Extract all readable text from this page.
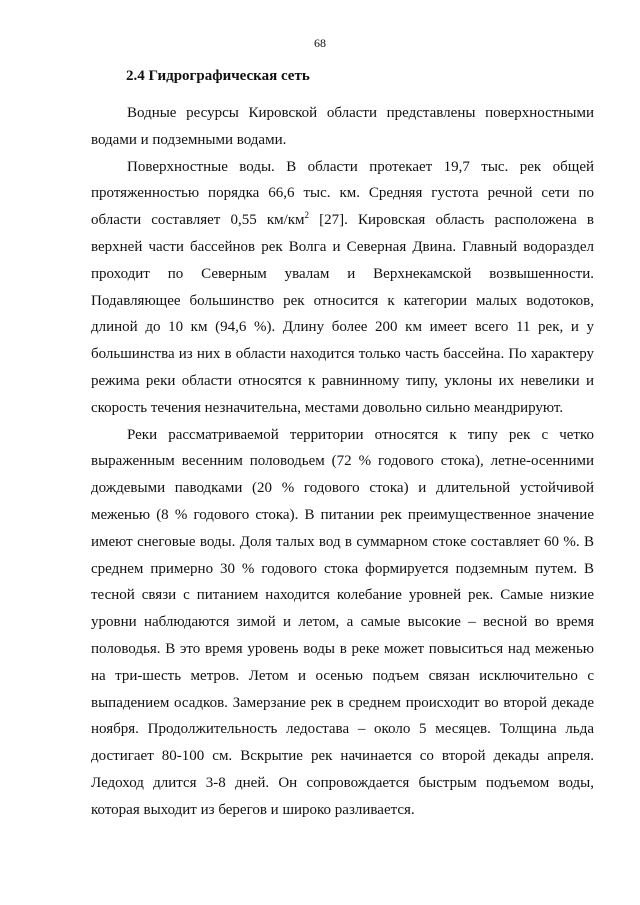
68
2.4 Гидрографическая сеть

Водные ресурсы Кировской области представлены поверхностными водами и подземными водами.

Поверхностные воды. В области протекает 19,7 тыс. рек общей протяженностью порядка 66,6 тыс. км. Средняя густота речной сети по области составляет 0,55 $км/км^2$ [27]. Кировская область расположена в верхней части бассейнов рек Волга и Северная Двина. Главный водораздел проходит по Северным увалам и Верхнекамской возвышенности. Подавляющее большинство рек относится к категории малых водотоков, длиной до 10 км (94,6 %). Длину более 200 км имеет всего 11 рек, и у большинства из них в области находится только часть бассейна. По характеру режима реки области относятся к равнинному типу, уклоны их невелики и скорость течения незначительна, местами довольно сильно меандрируют.

Реки рассматриваемой территории относятся к типу рек с четко выраженным весенним половодьем (72 % годового стока), летне-осенними дождевыми паводками (20 % годового стока) и длительной устойчивой меженью (8 % годового стока). В питании рек преимущественное значение имеют снеговые воды. Доля талых вод в суммарном стоке составляет 60 %. В среднем примерно 30 % годового стока формируется подземным путем. В тесной связи с питанием находится колебание уровней рек. Самые низкие уровни наблюдаются зимой и летом, а самые высокие – весной во время половодья. В это время уровень воды в реке может повыситься над меженью на три-шесть метров. Летом и осенью подъем связан исключительно с выпадением осадков. Замерзание рек в среднем происходит во второй декаде ноября. Продолжительность ледостава – около 5 месяцев. Толщина льда достигает 80-100 см. Вскрытие рек начинается со второй декады апреля. Ледоход длится 3-8 дней. Он сопровождается быстрым подъемом воды, которая выходит из берегов и широко разливается.
